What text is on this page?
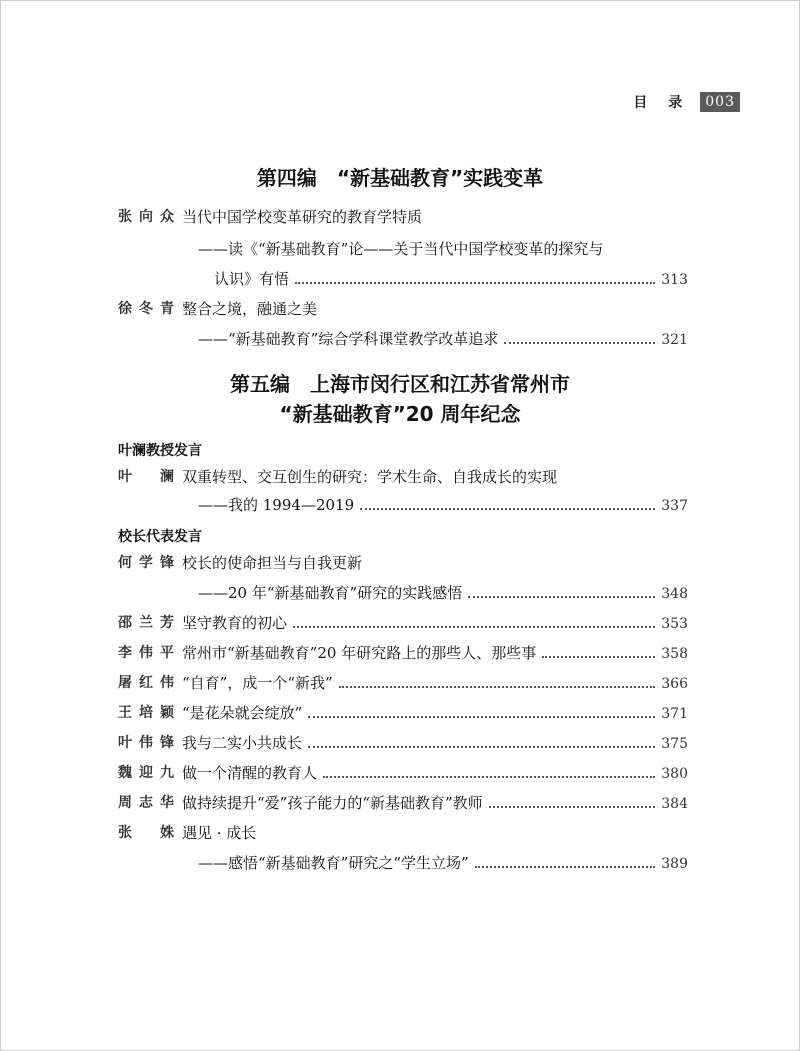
目 录	003
第四编　“新基础教育”实践变革
张 向 众 当代中国学校变革研究的教育学特质
——读《“新基础教育”论——关于当代中国学校变革的探究与
认识》有悟	313
徐 冬 青 整合之境，融通之美
——“新基础教育”综合学科课堂教学改革追求	321
第五编　上海市闵行区和江苏省常州市
“新基础教育”20 周年纪念
叶澜教授发言
叶 澜 双重转型、交互创生的研究：学术生命、自我成长的实现
——我的 1994—2019	337
校长代表发言
何 学 锋 校长的使命担当与自我更新
——20 年“新基础教育”研究的实践感悟	348
邵 兰 芳 坚守教育的初心	353
李 伟 平 常州市“新基础教育”20 年研究路上的那些人、那些事	358
屠 红 伟 “自育”，成一个“新我”	366
王 培 颖 “是花朵就会绽放”	371
叶 伟 锋 我与二实小共成长	375
魏 迎 九 做一个清醒的教育人	380
周 志 华 做持续提升“爱”孩子能力的“新基础教育”教师	384
张 姝 遇见 · 成长
——感悟“新基础教育”研究之“学生立场”	389
